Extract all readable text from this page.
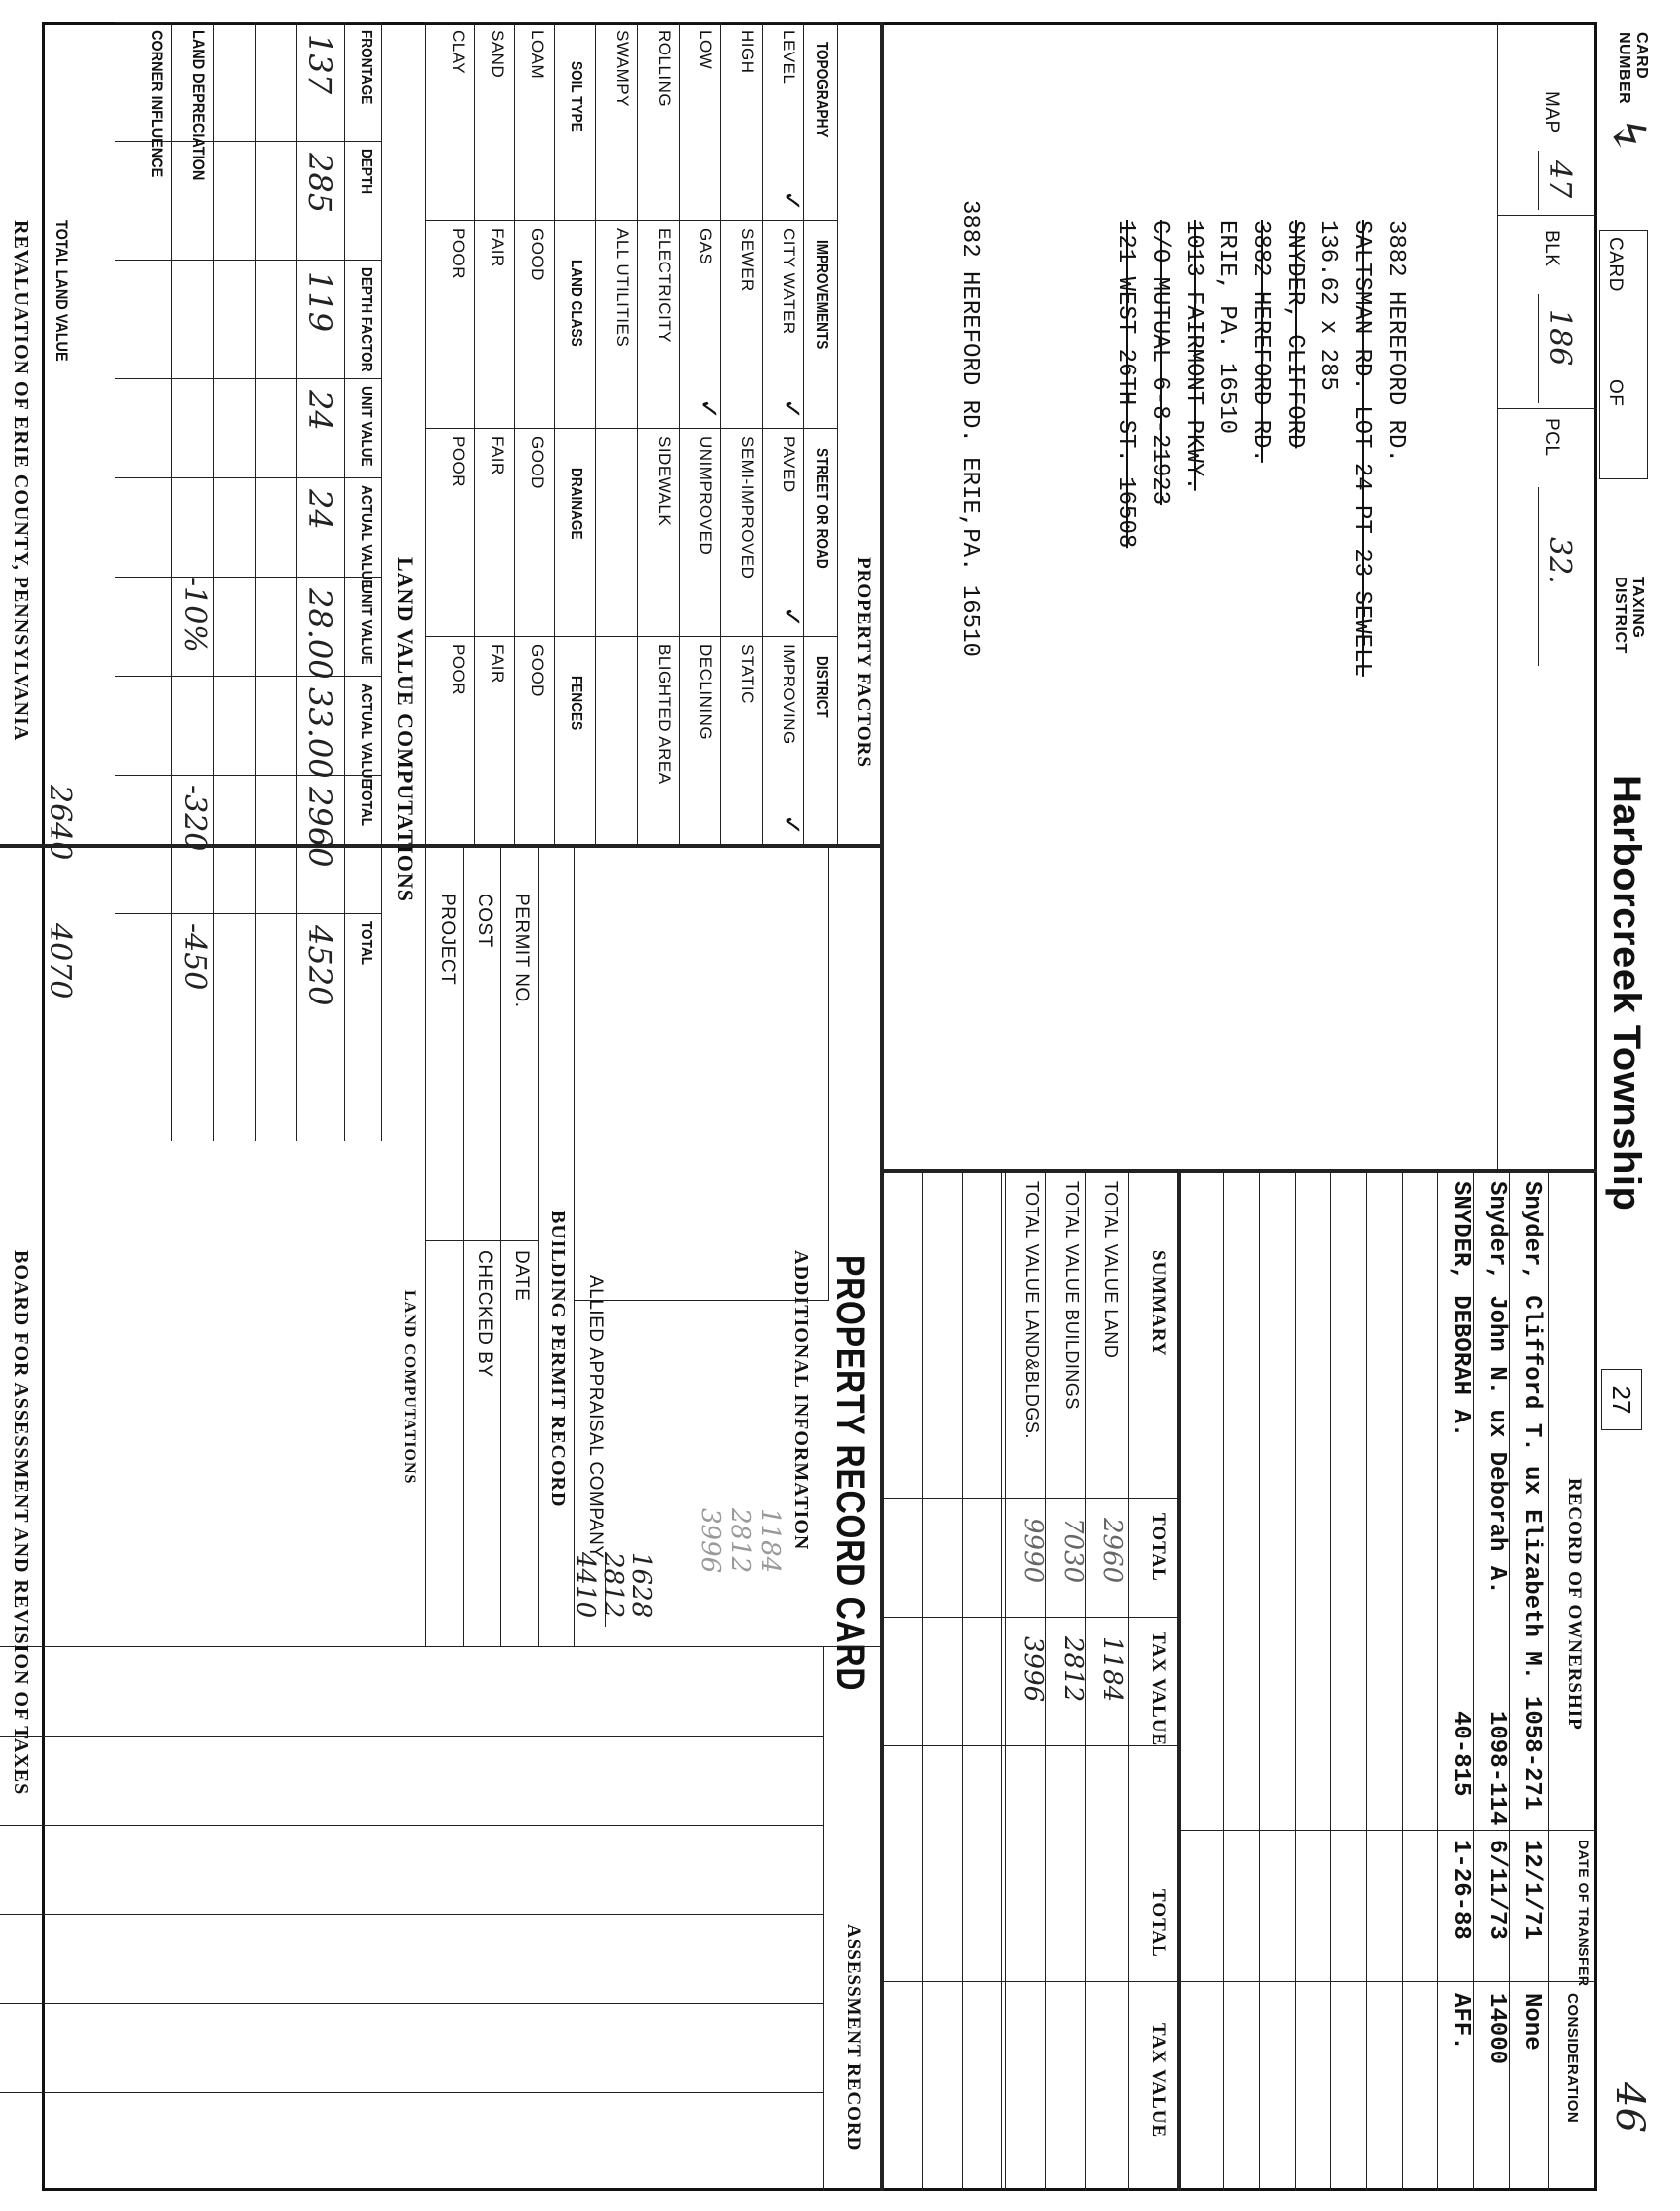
CARD NUMBER
↯
CARD
OF
TAXING DISTRICT
Harborcreek Township
27
46
MAP
47
BLK
186
PCL
32.
3882 HEREFORD RD.
SALTSMAN RD. LOT 24 PT 23 SEWELL
136.62 x 285
SNYDER, CLIFFORD
3882 HEREFORD RD.
ERIE, PA. 16510
1013 FAIRMONT PKWY.
C/O MUTUAL 6-8-21923
121 WEST 26TH ST. 16508
3882 HEREFORD RD. ERIE,PA. 16510
RECORD OF OWNERSHIP
DATE OF TRANSFER
CONSIDERATION
SUMMARY
TOTAL
TAX VALUE
TOTAL
TAX VALUE
PROPERTY FACTORS
PROPERTY RECORD CARD
ADDITIONAL INFORMATION
1184
2812
3996
1628
2812
4410
ALLIED APPRAISAL COMPANY
BUILDING PERMIT RECORD
PERMIT NO.
DATE
COST
CHECKED BY
PROJECT
ASSESSMENT RECORD
LAND VALUE COMPUTATIONS
LAND COMPUTATIONS
REVALUATION OF ERIE COUNTY, PENNSYLVANIA
BOARD FOR ASSESSMENT AND REVISION OF TAXES	Snyder, Clifford T. ux Elizabeth M.
1058-271
12/1/71
None
Snyder, John N. ux Deborah A.
1098-114
6/11/73
14000
SNYDER, DEBORAH A.
40-815
1-26-88
AFF.
TOTAL VALUE LAND
2960
1184
TOTAL VALUE BUILDINGS
7030
2812
TOTAL VALUE LAND&BLDGS.
9990
3996
TOPOGRAPHY
LEVEL
✓
HIGH
LOW
ROLLING
SWAMPY
IMPROVEMENTS
CITY WATER
✓
SEWER
GAS
✓
ELECTRICITY
ALL UTILITIES
STREET OR ROAD
PAVED
✓
SEMI-IMPROVED
UNIMPROVED
SIDEWALK
DISTRICT
IMPROVING
✓
STATIC
DECLINING
BLIGHTED AREA
SOIL TYPE
LOAM
SAND
CLAY
LAND CLASS
GOOD
FAIR
POOR
DRAINAGE
GOOD
FAIR
POOR
FENCES
GOOD
FAIR
POOR
FRONTAGE
DEPTH
DEPTH FACTOR
UNIT VALUE
ACTUAL VALUE
UNIT VALUE
ACTUAL VALUE
TOTAL
TOTAL
137
285
119
24
24
28.00
33.00
2960
4520
LAND DEPRECIATION
-10%
-320
-450
CORNER INFLUENCE
TOTAL LAND VALUE
2640
4070
